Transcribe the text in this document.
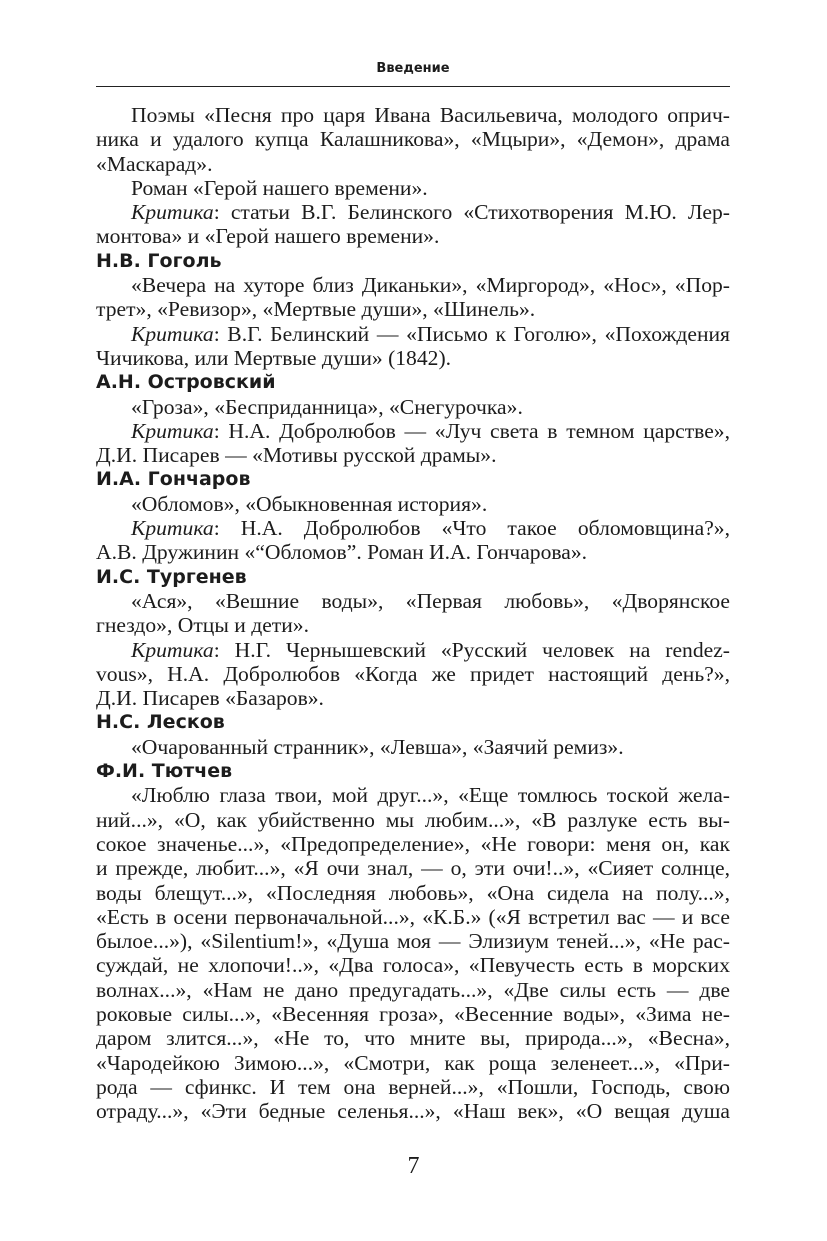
Введение
Поэмы «Песня про царя Ивана Васильевича, молодого оприч-
ника и удалого купца Калашникова», «Мцыри», «Демон», драма
«Маскарад».
Роман «Герой нашего времени».
Критика: статьи В.Г. Белинского «Стихотворения М.Ю. Лер-
монтова» и «Герой нашего времени».
Н.В. Гоголь
«Вечера на хуторе близ Диканьки», «Миргород», «Нос», «Пор-
трет», «Ревизор», «Мертвые души», «Шинель».
Критика: В.Г. Белинский — «Письмо к Гоголю», «Похождения
Чичикова, или Мертвые души» (1842).
А.Н. Островский
«Гроза», «Бесприданница», «Снегурочка».
Критика: Н.А. Добролюбов — «Луч света в темном царстве»,
Д.И. Писарев — «Мотивы русской драмы».
И.А. Гончаров
«Обломов», «Обыкновенная история».
Критика: Н.А. Добролюбов «Что такое обломовщина?»,
А.В. Дружинин «“Обломов”. Роман И.А. Гончарова».
И.С. Тургенев
«Ася», «Вешние воды», «Первая любовь», «Дворянское
гнездо», Отцы и дети».
Критика: Н.Г. Чернышевский «Русский человек на rendez-
vous», Н.А. Добролюбов «Когда же придет настоящий день?»,
Д.И. Писарев «Базаров».
Н.С. Лесков
«Очарованный странник», «Левша», «Заячий ремиз».
Ф.И. Тютчев
«Люблю глаза твои, мой друг...», «Еще томлюсь тоской жела-
ний...», «О, как убийственно мы любим...», «В разлуке есть вы-
сокое значенье...», «Предопределение», «Не говори: меня он, как
и прежде, любит...», «Я очи знал, — о, эти очи!..», «Сияет солнце,
воды блещут...», «Последняя любовь», «Она сидела на полу...»,
«Есть в осени первоначальной...», «К.Б.» («Я встретил вас — и все
былое...»), «Silentium!», «Душа моя — Элизиум теней...», «Не рас-
суждай, не хлопочи!..», «Два голоса», «Певучесть есть в морских
волнах...», «Нам не дано предугадать...», «Две силы есть — две
роковые силы...», «Весенняя гроза», «Весенние воды», «Зима не-
даром злится...», «Не то, что мните вы, природа...», «Весна»,
«Чародейкою Зимою...», «Смотри, как роща зеленеет...», «При-
рода — сфинкс. И тем она верней...», «Пошли, Господь, свою
отраду...», «Эти бедные селенья...», «Наш век», «О вещая душа
7
